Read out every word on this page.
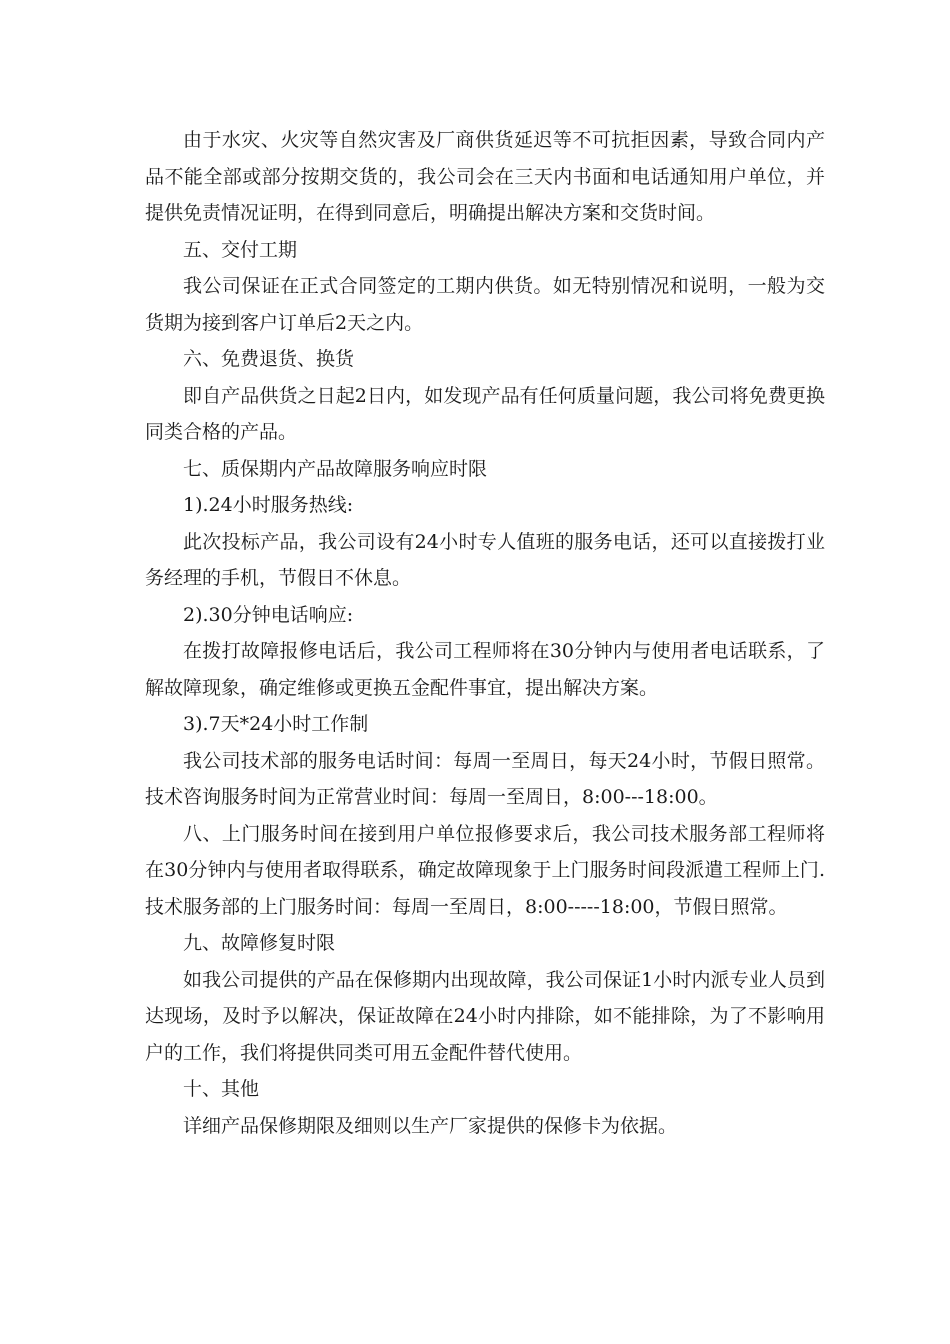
由于水灾、火灾等自然灾害及厂商供货延迟等不可抗拒因素，导致合同内产品不能全部或部分按期交货的，我公司会在三天内书面和电话通知用户单位，并提供免责情况证明，在得到同意后，明确提出解决方案和交货时间。

五、交付工期

我公司保证在正式合同签定的工期内供货。如无特别情况和说明，一般为交货期为接到客户订单后2天之内。

六、免费退货、换货

即自产品供货之日起2日内，如发现产品有任何质量问题，我公司将免费更换同类合格的产品。

七、质保期内产品故障服务响应时限

1).24小时服务热线:

此次投标产品，我公司设有24小时专人值班的服务电话，还可以直接拨打业务经理的手机，节假日不休息。

2).30分钟电话响应:

在拨打故障报修电话后，我公司工程师将在30分钟内与使用者电话联系，了解故障现象，确定维修或更换五金配件事宜，提出解决方案。

3).7天*24小时工作制

我公司技术部的服务电话时间：每周一至周日，每天24小时，节假日照常。技术咨询服务时间为正常营业时间：每周一至周日，8:00---18:00。

八、上门服务时间在接到用户单位报修要求后，我公司技术服务部工程师将在30分钟内与使用者取得联系，确定故障现象于上门服务时间段派遣工程师上门.技术服务部的上门服务时间：每周一至周日，8:00-----18:00，节假日照常。

九、故障修复时限

如我公司提供的产品在保修期内出现故障，我公司保证1小时内派专业人员到达现场，及时予以解决，保证故障在24小时内排除，如不能排除，为了不影响用户的工作，我们将提供同类可用五金配件替代使用。

十、其他

详细产品保修期限及细则以生产厂家提供的保修卡为依据。
